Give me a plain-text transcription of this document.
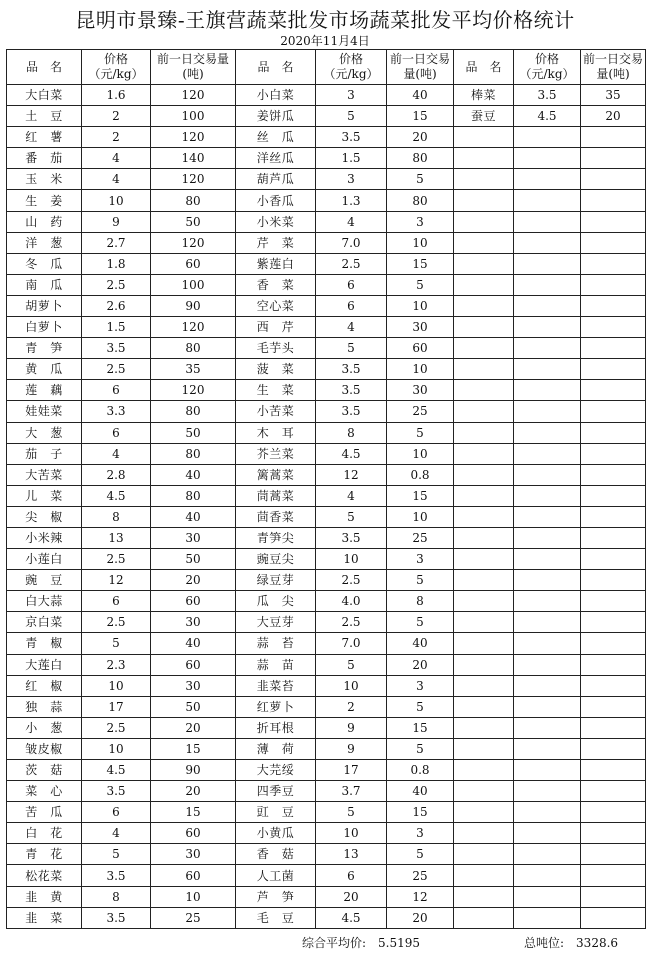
昆明市景臻-王旗营蔬菜批发市场蔬菜批发平均价格统计
2020年11月4日
品　名	价格（元/kg）	前一日交易量(吨)	品　名	价格（元/kg）	前一日交易量(吨)	品　名	价格（元/kg）	前一日交易量(吨)
大白菜	1.6	120	小白菜	3	40	棒菜	3.5	35
土　豆	2	100	姜饼瓜	5	15	蚕豆	4.5	20
红　薯	2	120	丝　瓜	3.5	20			
番　茄	4	140	洋丝瓜	1.5	80			
玉　米	4	120	葫芦瓜	3	5			
生　姜	10	80	小香瓜	1.3	80			
山　药	9	50	小米菜	4	3			
洋　葱	2.7	120	芹　菜	7.0	10			
冬　瓜	1.8	60	紫莲白	2.5	15			
南　瓜	2.5	100	香　菜	6	5			
胡萝卜	2.6	90	空心菜	6	10			
白萝卜	1.5	120	西　芹	4	30			
青　笋	3.5	80	毛芋头	5	60			
黄　瓜	2.5	35	菠　菜	3.5	10			
莲　藕	6	120	生　菜	3.5	30			
娃娃菜	3.3	80	小苦菜	3.5	25			
大　葱	6	50	木　耳	8	5			
茄　子	4	80	芥兰菜	4.5	10			
大苦菜	2.8	40	篱蒿菜	12	0.8			
儿　菜	4.5	80	茼蒿菜	4	15			
尖　椒	8	40	茴香菜	5	10			
小米辣	13	30	青笋尖	3.5	25			
小莲白	2.5	50	豌豆尖	10	3			
豌　豆	12	20	绿豆芽	2.5	5			
白大蒜	6	60	瓜　尖	4.0	8			
京白菜	2.5	30	大豆芽	2.5	5			
青　椒	5	40	蒜　苔	7.0	40			
大莲白	2.3	60	蒜　苗	5	20			
红　椒	10	30	韭菜苔	10	3			
独　蒜	17	50	红萝卜	2	5			
小　葱	2.5	20	折耳根	9	15			
皱皮椒	10	15	薄　荷	9	5			
茨　菇	4.5	90	大芫绥	17	0.8			
菜　心	3.5	20	四季豆	3.7	40			
苦　瓜	6	15	豇　豆	5	15			
白　花	4	60	小黄瓜	10	3			
青　花	5	30	香　菇	13	5			
松花菜	3.5	60	人工菌	6	25			
韭　黄	8	10	芦　笋	20	12			
韭　菜	3.5	25	毛　豆	4.5	20			
综合平均价: 5.5195	总吨位: 3328.6
